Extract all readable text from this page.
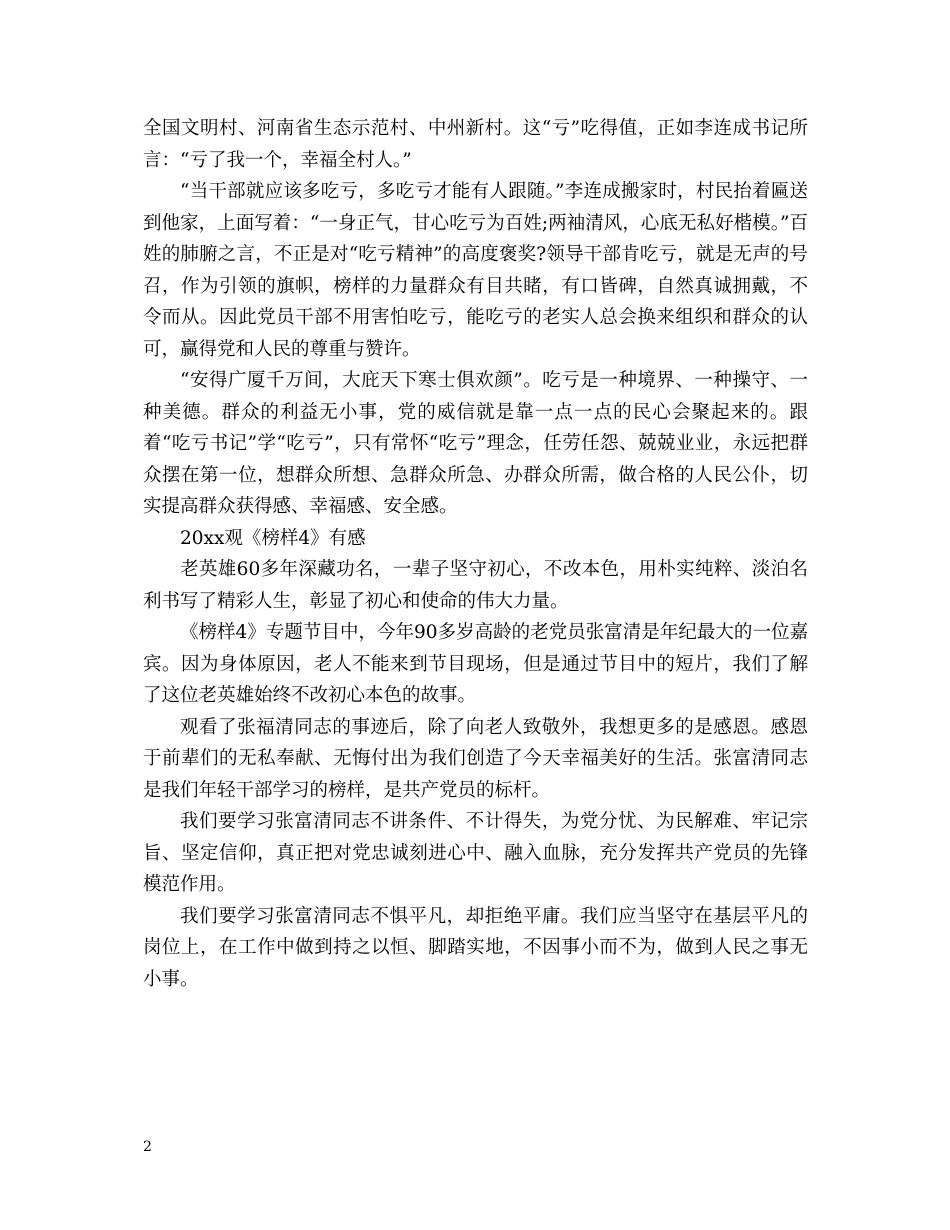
全国文明村、河南省生态示范村、中州新村。这“亏”吃得值，正如李连成书记所言：“亏了我一个，幸福全村人。”

“当干部就应该多吃亏，多吃亏才能有人跟随。”李连成搬家时，村民抬着匾送到他家，上面写着：“一身正气，甘心吃亏为百姓;两袖清风，心底无私好楷模。”百姓的肺腑之言，不正是对“吃亏精神”的高度褒奖?领导干部肯吃亏，就是无声的号召，作为引领的旗帜，榜样的力量群众有目共睹，有口皆碑，自然真诚拥戴，不令而从。因此党员干部不用害怕吃亏，能吃亏的老实人总会换来组织和群众的认可，赢得党和人民的尊重与赞许。

“安得广厦千万间，大庇天下寒士俱欢颜”。吃亏是一种境界、一种操守、一种美德。群众的利益无小事，党的威信就是靠一点一点的民心会聚起来的。跟着“吃亏书记”学“吃亏”，只有常怀“吃亏”理念，任劳任怨、兢兢业业，永远把群众摆在第一位，想群众所想、急群众所急、办群众所需，做合格的人民公仆，切实提高群众获得感、幸福感、安全感。

20xx观《榜样4》有感

老英雄60多年深藏功名，一辈子坚守初心，不改本色，用朴实纯粹、淡泊名利书写了精彩人生，彰显了初心和使命的伟大力量。

《榜样4》专题节目中，今年90多岁高龄的老党员张富清是年纪最大的一位嘉宾。因为身体原因，老人不能来到节目现场，但是通过节目中的短片，我们了解了这位老英雄始终不改初心本色的故事。

观看了张福清同志的事迹后，除了向老人致敬外，我想更多的是感恩。感恩于前辈们的无私奉献、无悔付出为我们创造了今天幸福美好的生活。张富清同志是我们年轻干部学习的榜样，是共产党员的标杆。

我们要学习张富清同志不讲条件、不计得失，为党分忧、为民解难、牢记宗旨、坚定信仰，真正把对党忠诚刻进心中、融入血脉，充分发挥共产党员的先锋模范作用。

我们要学习张富清同志不惧平凡，却拒绝平庸。我们应当坚守在基层平凡的岗位上，在工作中做到持之以恒、脚踏实地，不因事小而不为，做到人民之事无小事。

2
